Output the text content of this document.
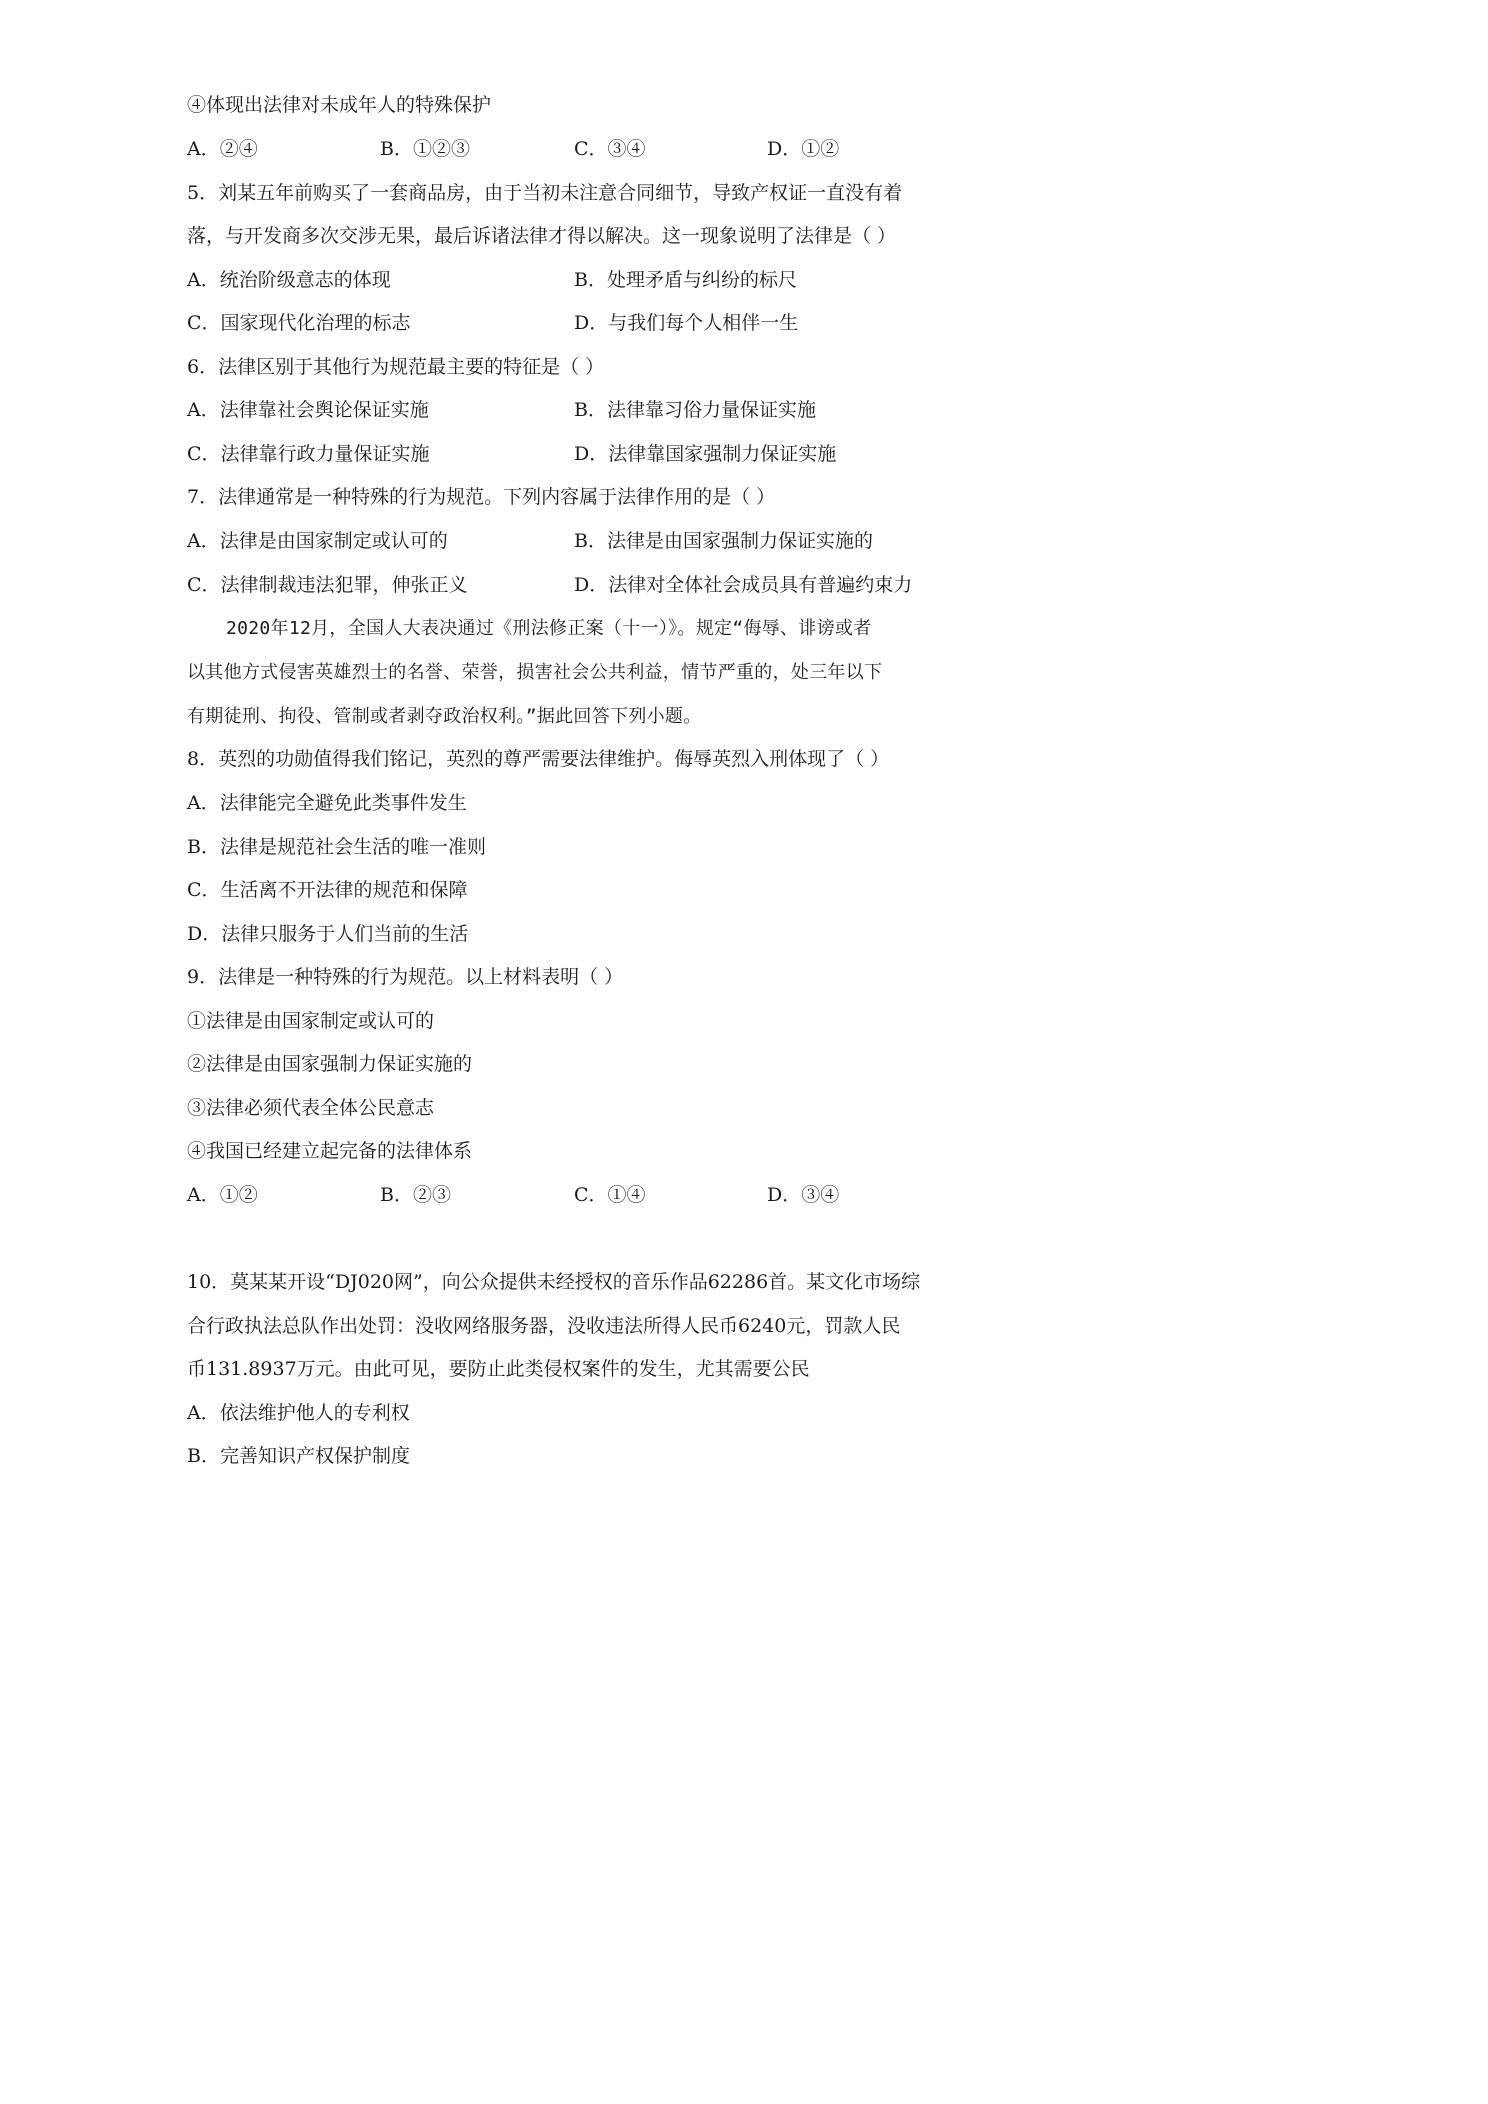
④体现出法律对未成年人的特殊保护
A．②④	B．①②③	C．③④	D．①②
5．刘某五年前购买了一套商品房，由于当初未注意合同细节，导致产权证一直没有着
落，与开发商多次交涉无果，最后诉诸法律才得以解决。这一现象说明了法律是（ ）
A．统治阶级意志的体现	B．处理矛盾与纠纷的标尺
C．国家现代化治理的标志	D．与我们每个人相伴一生
6．法律区别于其他行为规范最主要的特征是（ ）
A．法律靠社会舆论保证实施	B．法律靠习俗力量保证实施
C．法律靠行政力量保证实施	D．法律靠国家强制力保证实施
7．法律通常是一种特殊的行为规范。下列内容属于法律作用的是（ ）
A．法律是由国家制定或认可的	B．法律是由国家强制力保证实施的
C．法律制裁违法犯罪，伸张正义	D．法律对全体社会成员具有普遍约束力
2020年12月，全国人大表决通过《刑法修正案（十一）》。规定“侮辱、诽谤或者
以其他方式侵害英雄烈士的名誉、荣誉，损害社会公共利益，情节严重的，处三年以下
有期徒刑、拘役、管制或者剥夺政治权利。”据此回答下列小题。
8．英烈的功勋值得我们铭记，英烈的尊严需要法律维护。侮辱英烈入刑体现了（ ）
A．法律能完全避免此类事件发生
B．法律是规范社会生活的唯一准则
C．生活离不开法律的规范和保障
D．法律只服务于人们当前的生活
9．法律是一种特殊的行为规范。以上材料表明（ ）
①法律是由国家制定或认可的
②法律是由国家强制力保证实施的
③法律必须代表全体公民意志
④我国已经建立起完备的法律体系
A．①②	B．②③	C．①④	D．③④
10．莫某某开设“DJ020网”，向公众提供未经授权的音乐作品62286首。某文化市场综
合行政执法总队作出处罚：没收网络服务器，没收违法所得人民币6240元，罚款人民
币131.8937万元。由此可见，要防止此类侵权案件的发生，尤其需要公民
A．依法维护他人的专利权
B．完善知识产权保护制度
